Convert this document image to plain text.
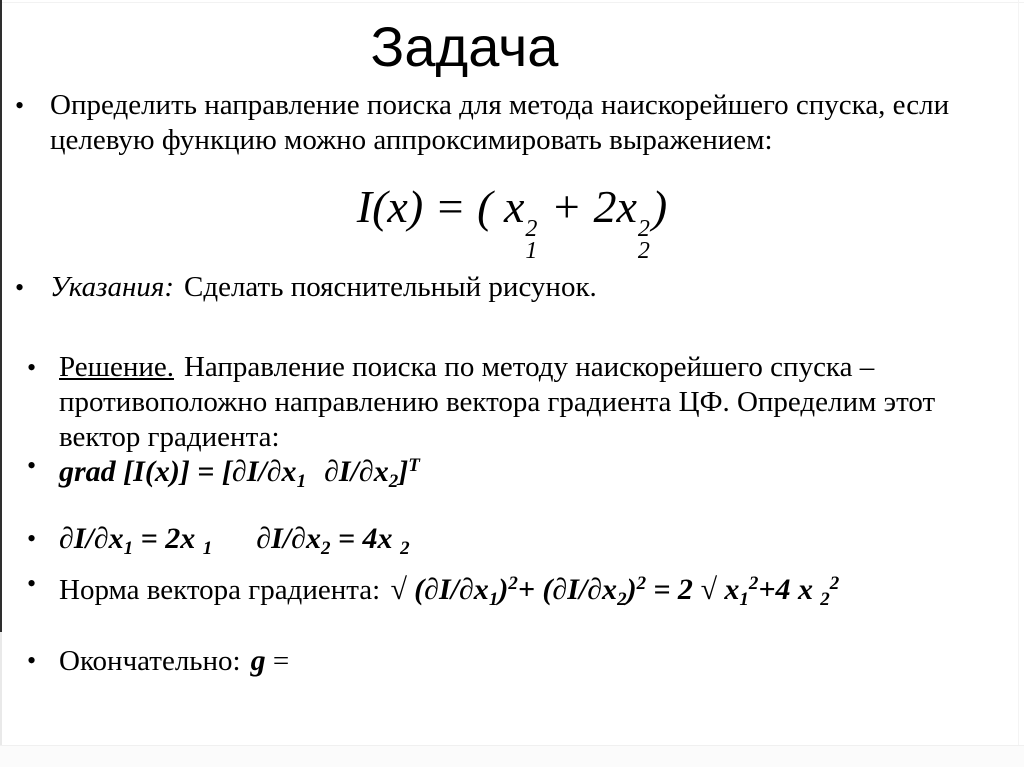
Задача
• Определить направление поиска для метода наискорейшего спуска, если
целевую функцию можно аппроксимировать выражением:
I(x) = ( x 2
1
+ 2x 2
2
)
• Указания: Сделать пояснительный рисунок.
• Решение. Направление поиска по методу наискорейшего спуска –
противоположно направлению вектора градиента ЦФ. Определим этот
вектор градиента:
• grad $[I(x)] = [\partial I/\partial x_1$ $\partial I/\partial x_2]^T$
• $\partial I/\partial x_1 = 2x$ $_1$ $\partial I/\partial x_2 = 4x$ $_2$
• Норма вектора градиента: √ $(\partial I/\partial x_1)^2+ (\partial I/\partial x_2)^2 = 2$ √ $x_1^2+4$ x $_2^2$
• Окончательно: g =
